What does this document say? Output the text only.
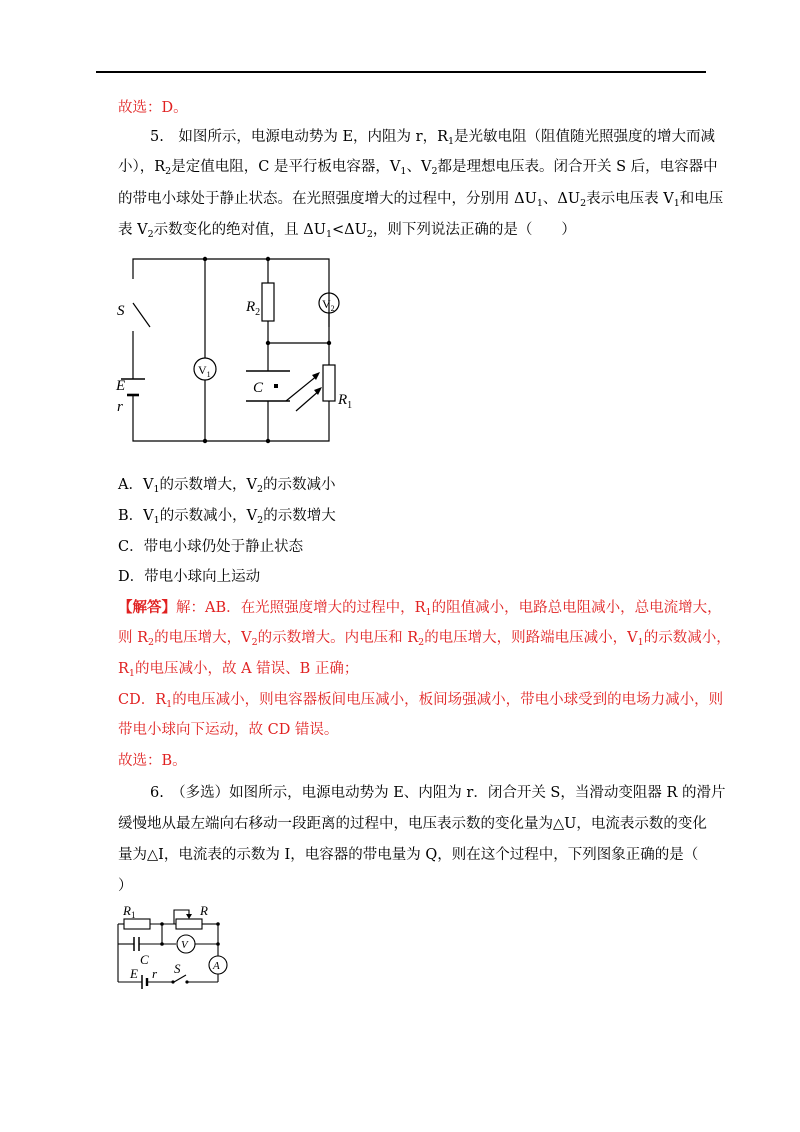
故选：D。
5.　如图所示，电源电动势为 E，内阻为 r，$R_1$是光敏电阻（阻值随光照强度的增大而减
小），$R_2$是定值电阻，C 是平行板电容器，$V_1$、$V_2$都是理想电压表。闭合开关 S 后，电容器中
的带电小球处于静止状态。在光照强度增大的过程中，分别用 $\Delta U_1$、$\Delta U_2$表示电压表 $V_1$和电压
表 $V_2$示数变化的绝对值，且 $\Delta U_1<\Delta U_2$，则下列说法正确的是（　　）
S
E
r
$R_2$
C
$R_1$
$V_1$
$V_2$
A．$V_1$的示数增大，$V_2$的示数减小
B．$V_1$的示数减小，$V_2$的示数增大
C．带电小球仍处于静止状态
D．带电小球向上运动
【解答】解：AB．在光照强度增大的过程中，$R_1$的阻值减小，电路总电阻减小，总电流增大，
则 $R_2$的电压增大，$V_2$的示数增大。内电压和 $R_2$的电压增大，则路端电压减小，$V_1$的示数减小，
$R_1$的电压减小，故 A 错误、B 正确；
CD．$R_1$的电压减小，则电容器板间电压减小，板间场强减小，带电小球受到的电场力减小，则
带电小球向下运动，故 CD 错误。
故选：B。
6.　（多选）如图所示，电源电动势为 E、内阻为 r．闭合开关 S，当滑动变阻器 R 的滑片
缓慢地从最左端向右移动一段距离的过程中，电压表示数的变化量为△U，电流表示数的变化
量为△I，电流表的示数为 I，电容器的带电量为 Q，则在这个过程中，下列图象正确的是（
）
$R_1$	R
V
C	A
E r S
